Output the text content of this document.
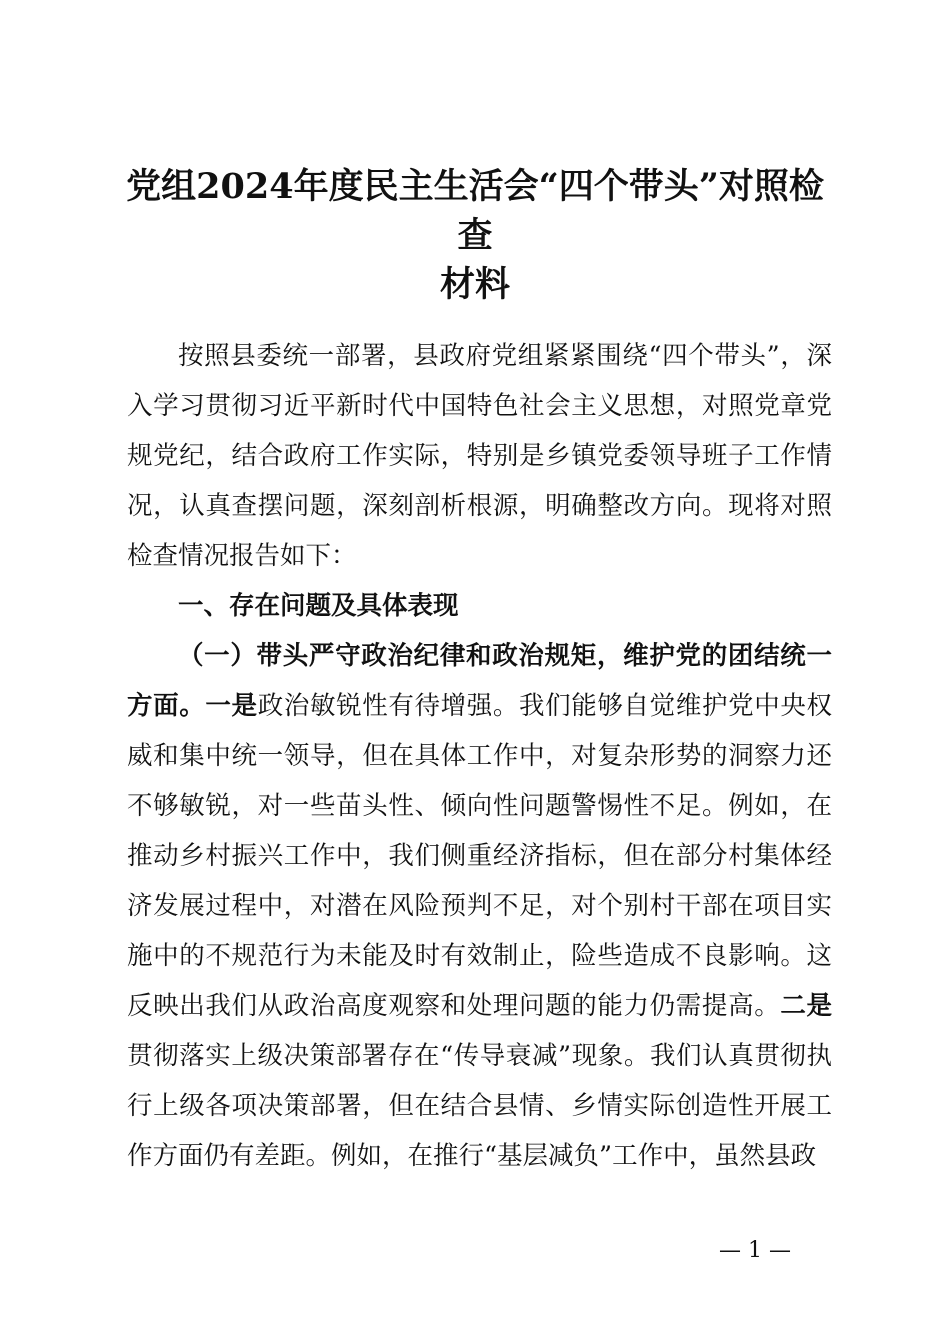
党组2024年度民主生活会“四个带头”对照检查
材料

按照县委统一部署，县政府党组紧紧围绕“四个带头”，深入学习贯彻习近平新时代中国特色社会主义思想，对照党章党规党纪，结合政府工作实际，特别是乡镇党委领导班子工作情况，认真查摆问题，深刻剖析根源，明确整改方向。现将对照检查情况报告如下：

一、存在问题及具体表现

（一）带头严守政治纪律和政治规矩，维护党的团结统一方面。一是政治敏锐性有待增强。我们能够自觉维护党中央权威和集中统一领导，但在具体工作中，对复杂形势的洞察力还不够敏锐，对一些苗头性、倾向性问题警惕性不足。例如，在推动乡村振兴工作中，我们侧重经济指标，但在部分村集体经济发展过程中，对潜在风险预判不足，对个别村干部在项目实施中的不规范行为未能及时有效制止，险些造成不良影响。这反映出我们从政治高度观察和处理问题的能力仍需提高。二是贯彻落实上级决策部署存在“传导衰减”现象。我们认真贯彻执行上级各项决策部署，但在结合县情、乡情实际创造性开展工作方面仍有差距。例如，在推行“基层减负”工作中，虽然县政

— 1 —
